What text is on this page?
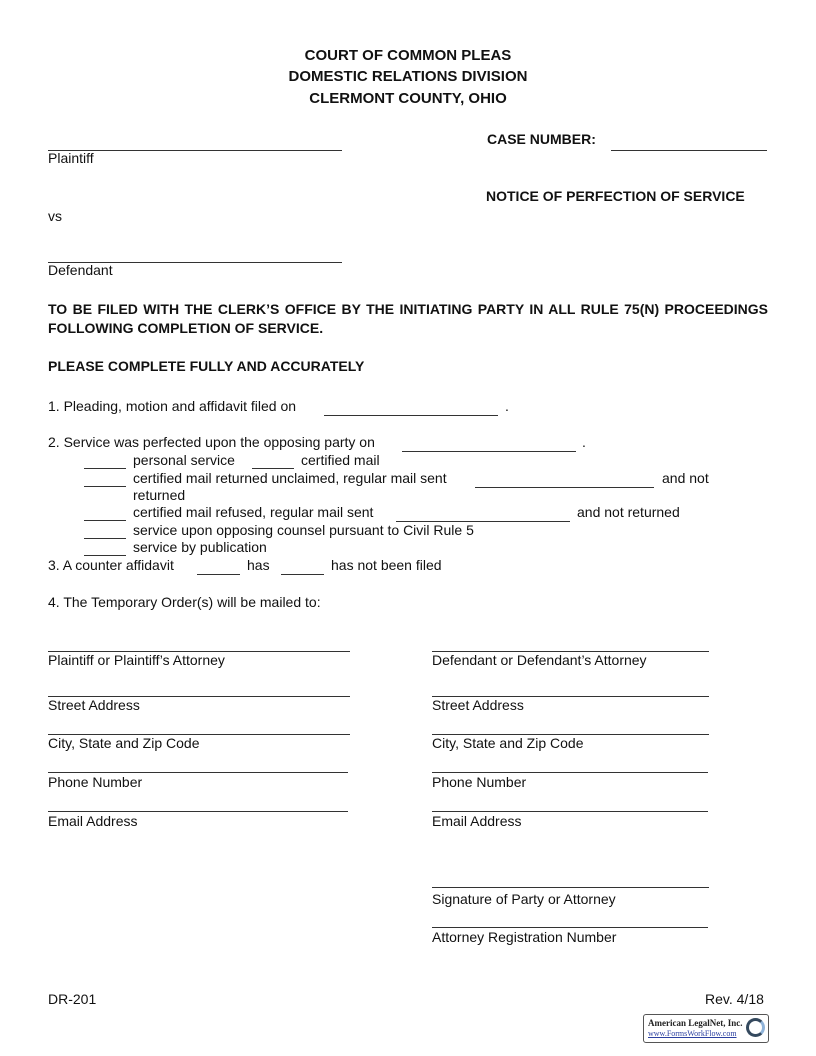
COURT OF COMMON PLEAS
DOMESTIC RELATIONS DIVISION
CLERMONT COUNTY, OHIO
Plaintiff
CASE NUMBER:
NOTICE OF PERFECTION OF SERVICE
vs
Defendant
TO BE FILED WITH THE CLERK’S OFFICE BY THE INITIATING PARTY IN ALL RULE 75(N) PROCEEDINGS FOLLOWING COMPLETION OF SERVICE.
PLEASE COMPLETE FULLY AND ACCURATELY
1. Pleading, motion and affidavit filed on	.
2. Service was perfected upon the opposing party on	.
personal service	certified mail
certified mail returned unclaimed, regular mail sent	and not
returned
certified mail refused, regular mail sent	and not returned
service upon opposing counsel pursuant to Civil Rule 5
service by publication
3. A counter affidavit	has	has not been filed
4. The Temporary Order(s) will be mailed to:
Plaintiff or Plaintiff’s Attorney
Street Address
City, State and Zip Code
Phone Number
Email Address
Defendant or Defendant’s Attorney
Street Address
City, State and Zip Code
Phone Number
Email Address
Signature of Party or Attorney
Attorney Registration Number
DR-201	Rev. 4/18
American LegalNet, Inc.
www.FormsWorkFlow.com
